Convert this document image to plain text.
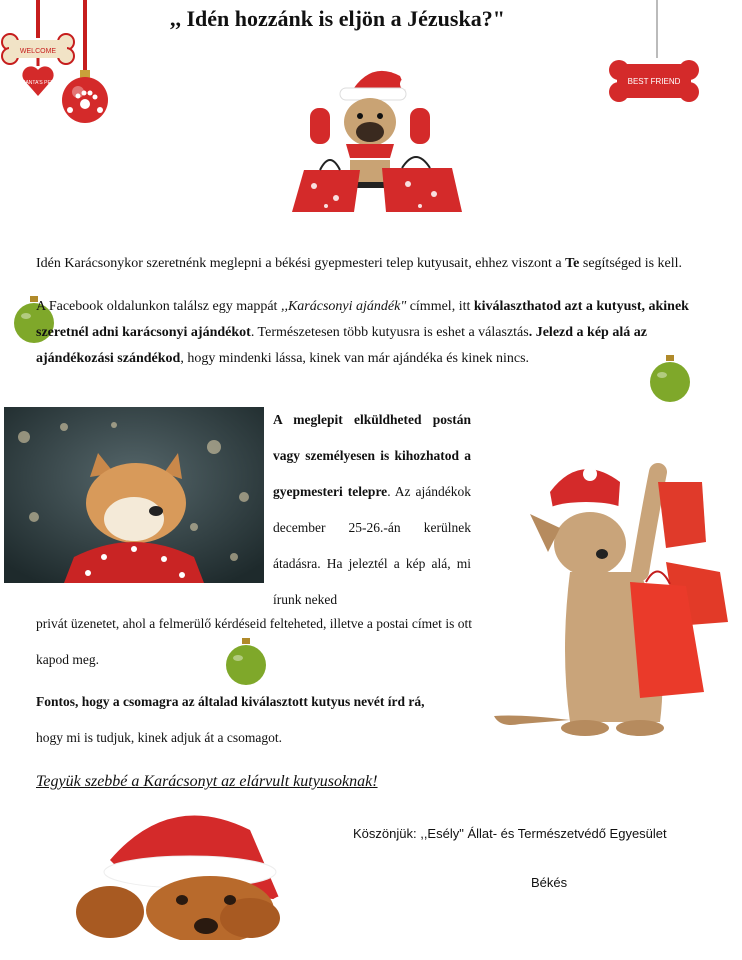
,, Idén hozzánk is eljön a Jézuska?"
WELCOME
SANTA'S PET	BEST FRIEND
Idén Karácsonykor szeretnénk meglepni a békési gyepmesteri telep kutyusait, ehhez viszont a Te segítséged is kell.
A Facebook oldalunkon találsz egy mappát ,,Karácsonyi ajándék" címmel, itt kiválaszthatod azt a kutyust, akinek szeretnél adni karácsonyi ajándékot. Természetesen több kutyusra is eshet a választás. Jelezd a kép alá az ajándékozási szándékod, hogy mindenki lássa, kinek van már ajándéka és kinek nincs.
A meglepit elküldheted postán vagy személyesen is kihozhatod a gyepmesteri telepre. Az ajándékok december 25-26.-án kerülnek átadásra. Ha jeleztél a kép alá, mi írunk neked
privát üzenetet, ahol a felmerülő kérdéseid felteheted, illetve a postai címet is ott kapod meg.
Fontos, hogy a csomagra az általad kiválasztott kutyus nevét írd rá,
hogy mi is tudjuk, kinek adjuk át a csomagot.
Tegyük szebbé a Karácsonyt az elárvult kutyusoknak!
Köszönjük: ,,Esély" Állat- és Természetvédő Egyesület
Békés
